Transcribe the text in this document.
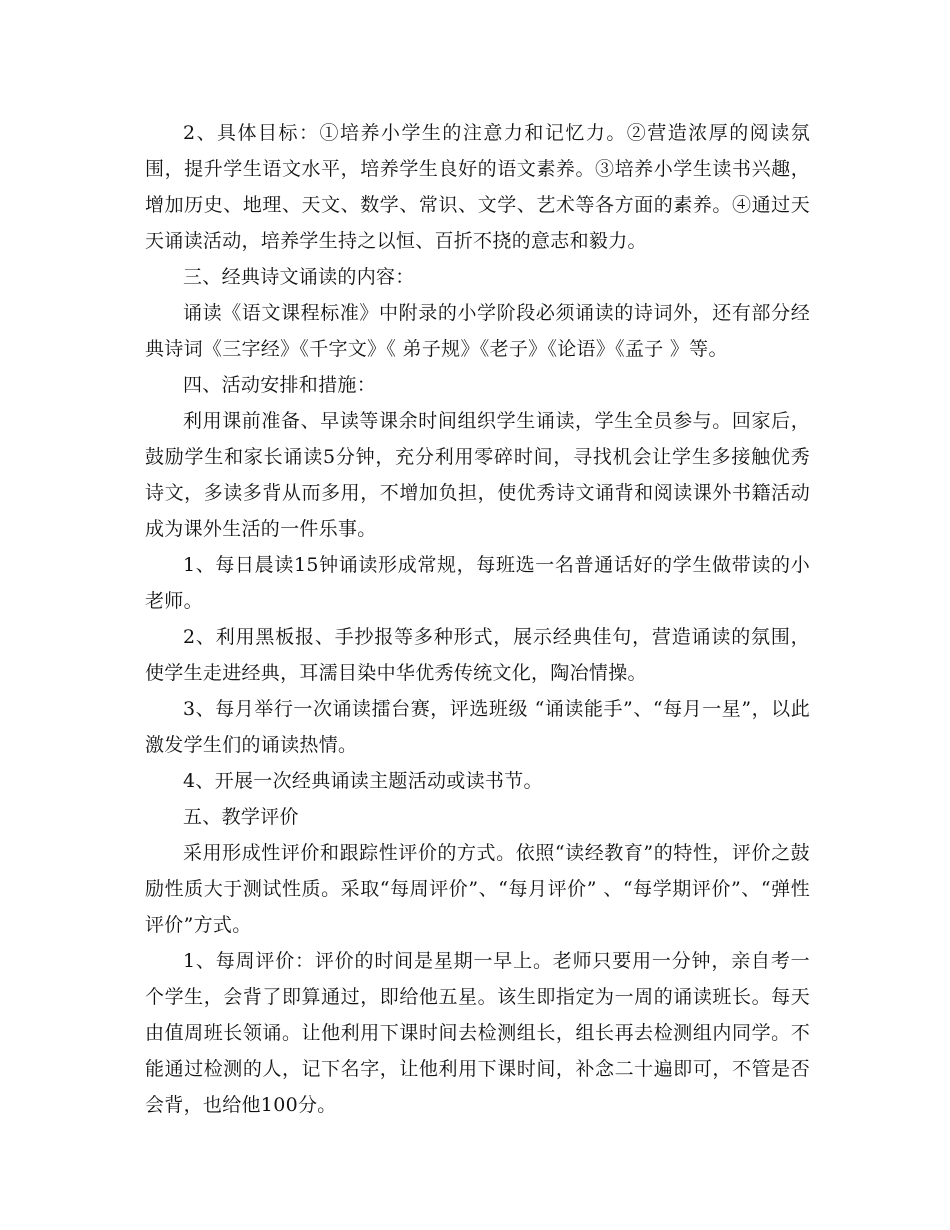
2、具体目标：①培养小学生的注意力和记忆力。②营造浓厚的阅读氛围，提升学生语文水平，培养学生良好的语文素养。③培养小学生读书兴趣，增加历史、地理、天文、数学、常识、文学、艺术等各方面的素养。④通过天天诵读活动，培养学生持之以恒、百折不挠的意志和毅力。

三、经典诗文诵读的内容：

诵读《语文课程标准》中附录的小学阶段必须诵读的诗词外，还有部分经典诗词《三字经》《千字文》《 弟子规》《老子》《论语》《孟子 》等。

四、活动安排和措施：

利用课前准备、早读等课余时间组织学生诵读，学生全员参与。回家后，鼓励学生和家长诵读5分钟，充分利用零碎时间，寻找机会让学生多接触优秀诗文，多读多背从而多用，不增加负担，使优秀诗文诵背和阅读课外书籍活动成为课外生活的一件乐事。

1、每日晨读15钟诵读形成常规，每班选一名普通话好的学生做带读的小老师。

2、利用黑板报、手抄报等多种形式，展示经典佳句，营造诵读的氛围，使学生走进经典，耳濡目染中华优秀传统文化，陶冶情操。

3、每月举行一次诵读擂台赛，评选班级 “诵读能手”、“每月一星”，以此激发学生们的诵读热情。

4、开展一次经典诵读主题活动或读书节。

五、教学评价

采用形成性评价和跟踪性评价的方式。依照“读经教育”的特性，评价之鼓励性质大于测试性质。采取“每周评价”、“每月评价” 、“每学期评价”、“弹性评价”方式。

1、每周评价：评价的时间是星期一早上。老师只要用一分钟，亲自考一个学生，会背了即算通过，即给他五星。该生即指定为一周的诵读班长。每天由值周班长领诵。让他利用下课时间去检测组长，组长再去检测组内同学。不能通过检测的人，记下名字，让他利用下课时间，补念二十遍即可，不管是否会背，也给他100分。
